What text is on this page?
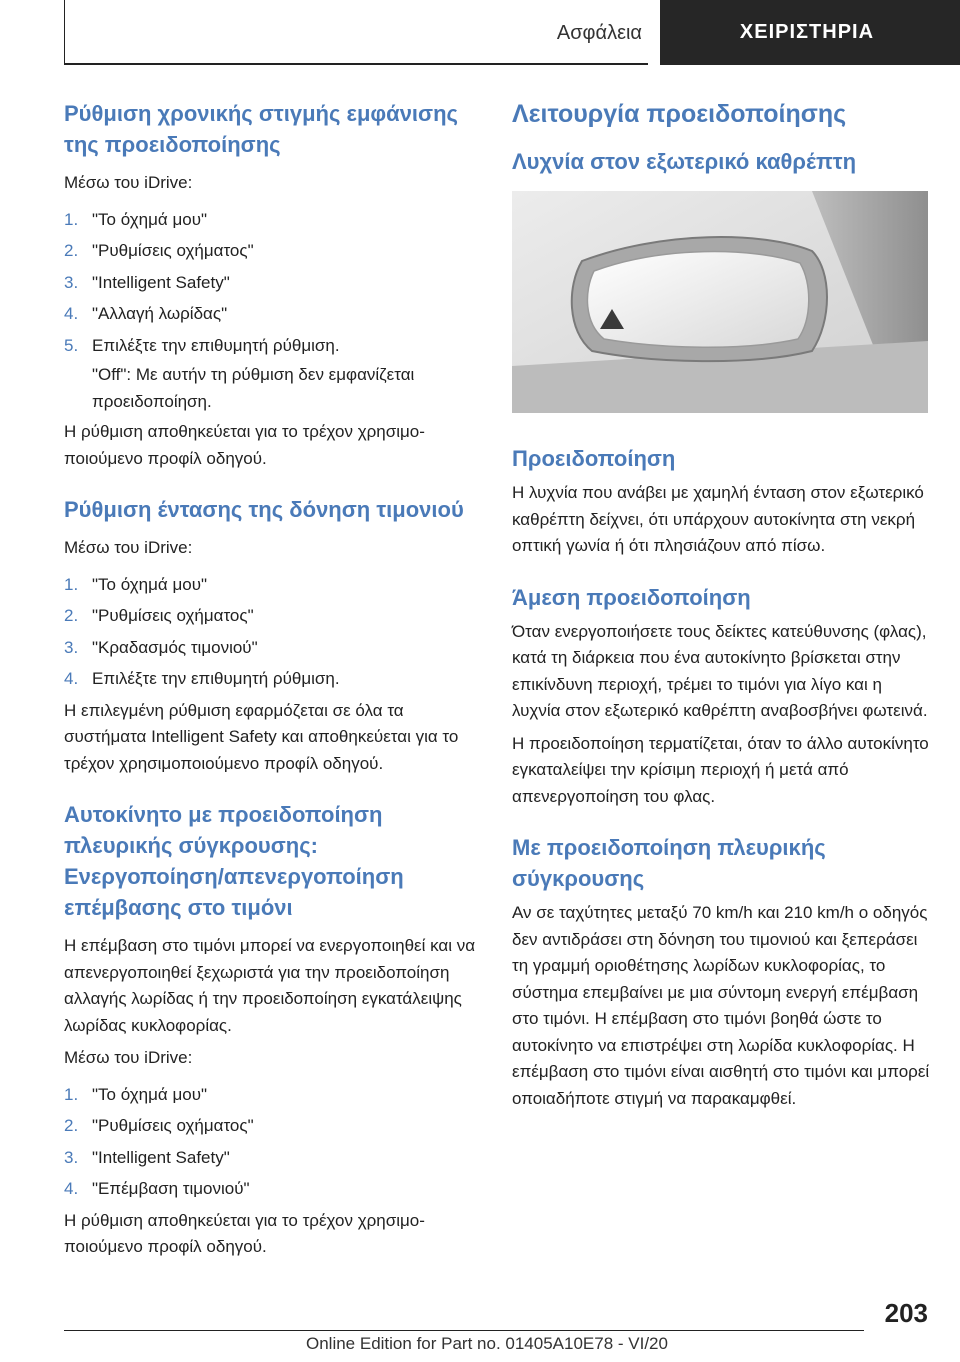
Ασφάλεια	ΧΕΙΡΙΣΤΗΡΙΑ
Ρύθμιση χρονικής στιγμής εμφάνισης της προειδοποίησης

Μέσω του iDrive:

1. "Το όχημά μου"
2. "Ρυθμίσεις οχήματος"
3. "Intelligent Safety"
4. "Αλλαγή λωρίδας"
5. Επιλέξτε την επιθυμητή ρύθμιση.
"Off": Με αυτήν τη ρύθμιση δεν εμφανίζεται προειδοποίηση.

Η ρύθμιση αποθηκεύεται για το τρέχον χρησιμοποιούμενο προφίλ οδηγού.

Ρύθμιση έντασης της δόνηση τιμονιού

Μέσω του iDrive:

1. "Το όχημά μου"
2. "Ρυθμίσεις οχήματος"
3. "Κραδασμός τιμονιού"
4. Επιλέξτε την επιθυμητή ρύθμιση.

Η επιλεγμένη ρύθμιση εφαρμόζεται σε όλα τα συστήματα Intelligent Safety και αποθηκεύεται για το τρέχον χρησιμοποιούμενο προφίλ οδηγού.

Αυτοκίνητο με προειδοποίηση πλευρικής σύγκρουσης: Ενεργοποίηση/απενεργοποίηση επέμβασης στο τιμόνι

Η επέμβαση στο τιμόνι μπορεί να ενεργοποιηθεί και να απενεργοποιηθεί ξεχωριστά για την προειδοποίηση αλλαγής λωρίδας ή την προειδοποίηση εγκατάλειψης λωρίδας κυκλοφορίας.

Μέσω του iDrive:

1. "Το όχημά μου"
2. "Ρυθμίσεις οχήματος"
3. "Intelligent Safety"
4. "Επέμβαση τιμονιού"

Η ρύθμιση αποθηκεύεται για το τρέχον χρησιμοποιούμενο προφίλ οδηγού.

Λειτουργία προειδοποίησης
Λυχνία στον εξωτερικό καθρέπτη
Προειδοποίηση

Η λυχνία που ανάβει με χαμηλή ένταση στον εξωτερικό καθρέπτη δείχνει, ότι υπάρχουν αυτοκίνητα στη νεκρή οπτική γωνία ή ότι πλησιάζουν από πίσω.

Άμεση προειδοποίηση

Όταν ενεργοποιήσετε τους δείκτες κατεύθυνσης (φλας), κατά τη διάρκεια που ένα αυτοκίνητο βρίσκεται στην επικίνδυνη περιοχή, τρέμει το τιμόνι για λίγο και η λυχνία στον εξωτερικό καθρέπτη αναβοσβήνει φωτεινά.

Η προειδοποίηση τερματίζεται, όταν το άλλο αυτοκίνητο εγκαταλείψει την κρίσιμη περιοχή ή μετά από απενεργοποίηση του φλας.

Με προειδοποίηση πλευρικής σύγκρουσης

Αν σε ταχύτητες μεταξύ 70 km/h και 210 km/h ο οδηγός δεν αντιδράσει στη δόνηση του τιμονιού και ξεπεράσει τη γραμμή οριοθέτησης λωρίδων κυκλοφορίας, το σύστημα επεμβαίνει με μια σύντομη ενεργή επέμβαση στο τιμόνι. Η επέμβαση στο τιμόνι βοηθά ώστε το αυτοκίνητο να επιστρέψει στη λωρίδα κυκλοφορίας. Η επέμβαση στο τιμόνι είναι αισθητή στο τιμόνι και μπορεί οποιαδήποτε στιγμή να παρακαμφθεί.

203
Online Edition for Part no. 01405A10E78 - VI/20
